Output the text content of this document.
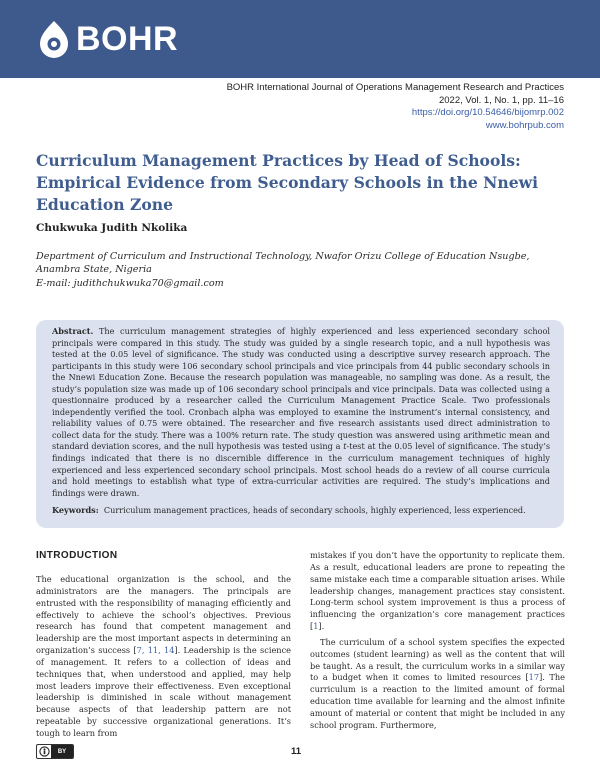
BOHR
BOHR International Journal of Operations Management Research and Practices
2022, Vol. 1, No. 1, pp. 11–16
https://doi.org/10.54646/bijomrp.002
www.bohrpub.com
Curriculum Management Practices by Head of Schools: Empirical Evidence from Secondary Schools in the Nnewi Education Zone
Chukwuka Judith Nkolika
Department of Curriculum and Instructional Technology, Nwafor Orizu College of Education Nsugbe, Anambra State, Nigeria
E-mail: judithchukwuka70@gmail.com

Abstract. The curriculum management strategies of highly experienced and less experienced secondary school principals were compared in this study. The study was guided by a single research topic, and a null hypothesis was tested at the 0.05 level of significance. The study was conducted using a descriptive survey research approach. The participants in this study were 106 secondary school principals and vice principals from 44 public secondary schools in the Nnewi Education Zone. Because the research population was manageable, no sampling was done. As a result, the study’s population size was made up of 106 secondary school principals and vice principals. Data was collected using a questionnaire produced by a researcher called the Curriculum Management Practice Scale. Two professionals independently verified the tool. Cronbach alpha was employed to examine the instrument’s internal consistency, and reliability values of 0.75 were obtained. The researcher and five research assistants used direct administration to collect data for the study. There was a 100% return rate. The study question was answered using arithmetic mean and standard deviation scores, and the null hypothesis was tested using a t-test at the 0.05 level of significance. The study’s findings indicated that there is no discernible difference in the curriculum management techniques of highly experienced and less experienced secondary school principals. Most school heads do a review of all course curricula and hold meetings to establish what type of extra-curricular activities are required. The study’s implications and findings were drawn.

Keywords: Curriculum management practices, heads of secondary schools, highly experienced, less experienced.

INTRODUCTION

The educational organization is the school, and the administrators are the managers. The principals are entrusted with the responsibility of managing efficiently and effectively to achieve the school’s objectives. Previous research has found that competent management and leadership are the most important aspects in determining an organization’s success [7, 11, 14]. Leadership is the science of management. It refers to a collection of ideas and techniques that, when understood and applied, may help most leaders improve their effectiveness. Even exceptional leadership is diminished in scale without management because aspects of that leadership pattern are not repeatable by successive organizational generations. It’s tough to learn from

mistakes if you don’t have the opportunity to replicate them. As a result, educational leaders are prone to repeating the same mistake each time a comparable situation arises. While leadership changes, management practices stay consistent. Long-term school system improvement is thus a process of influencing the organization’s core management practices [1].

The curriculum of a school system specifies the expected outcomes (student learning) as well as the content that will be taught. As a result, the curriculum works in a similar way to a budget when it comes to limited resources [17]. The curriculum is a reaction to the limited amount of formal education time available for learning and the almost infinite amount of material or content that might be included in any school program. Furthermore,

BY	11
